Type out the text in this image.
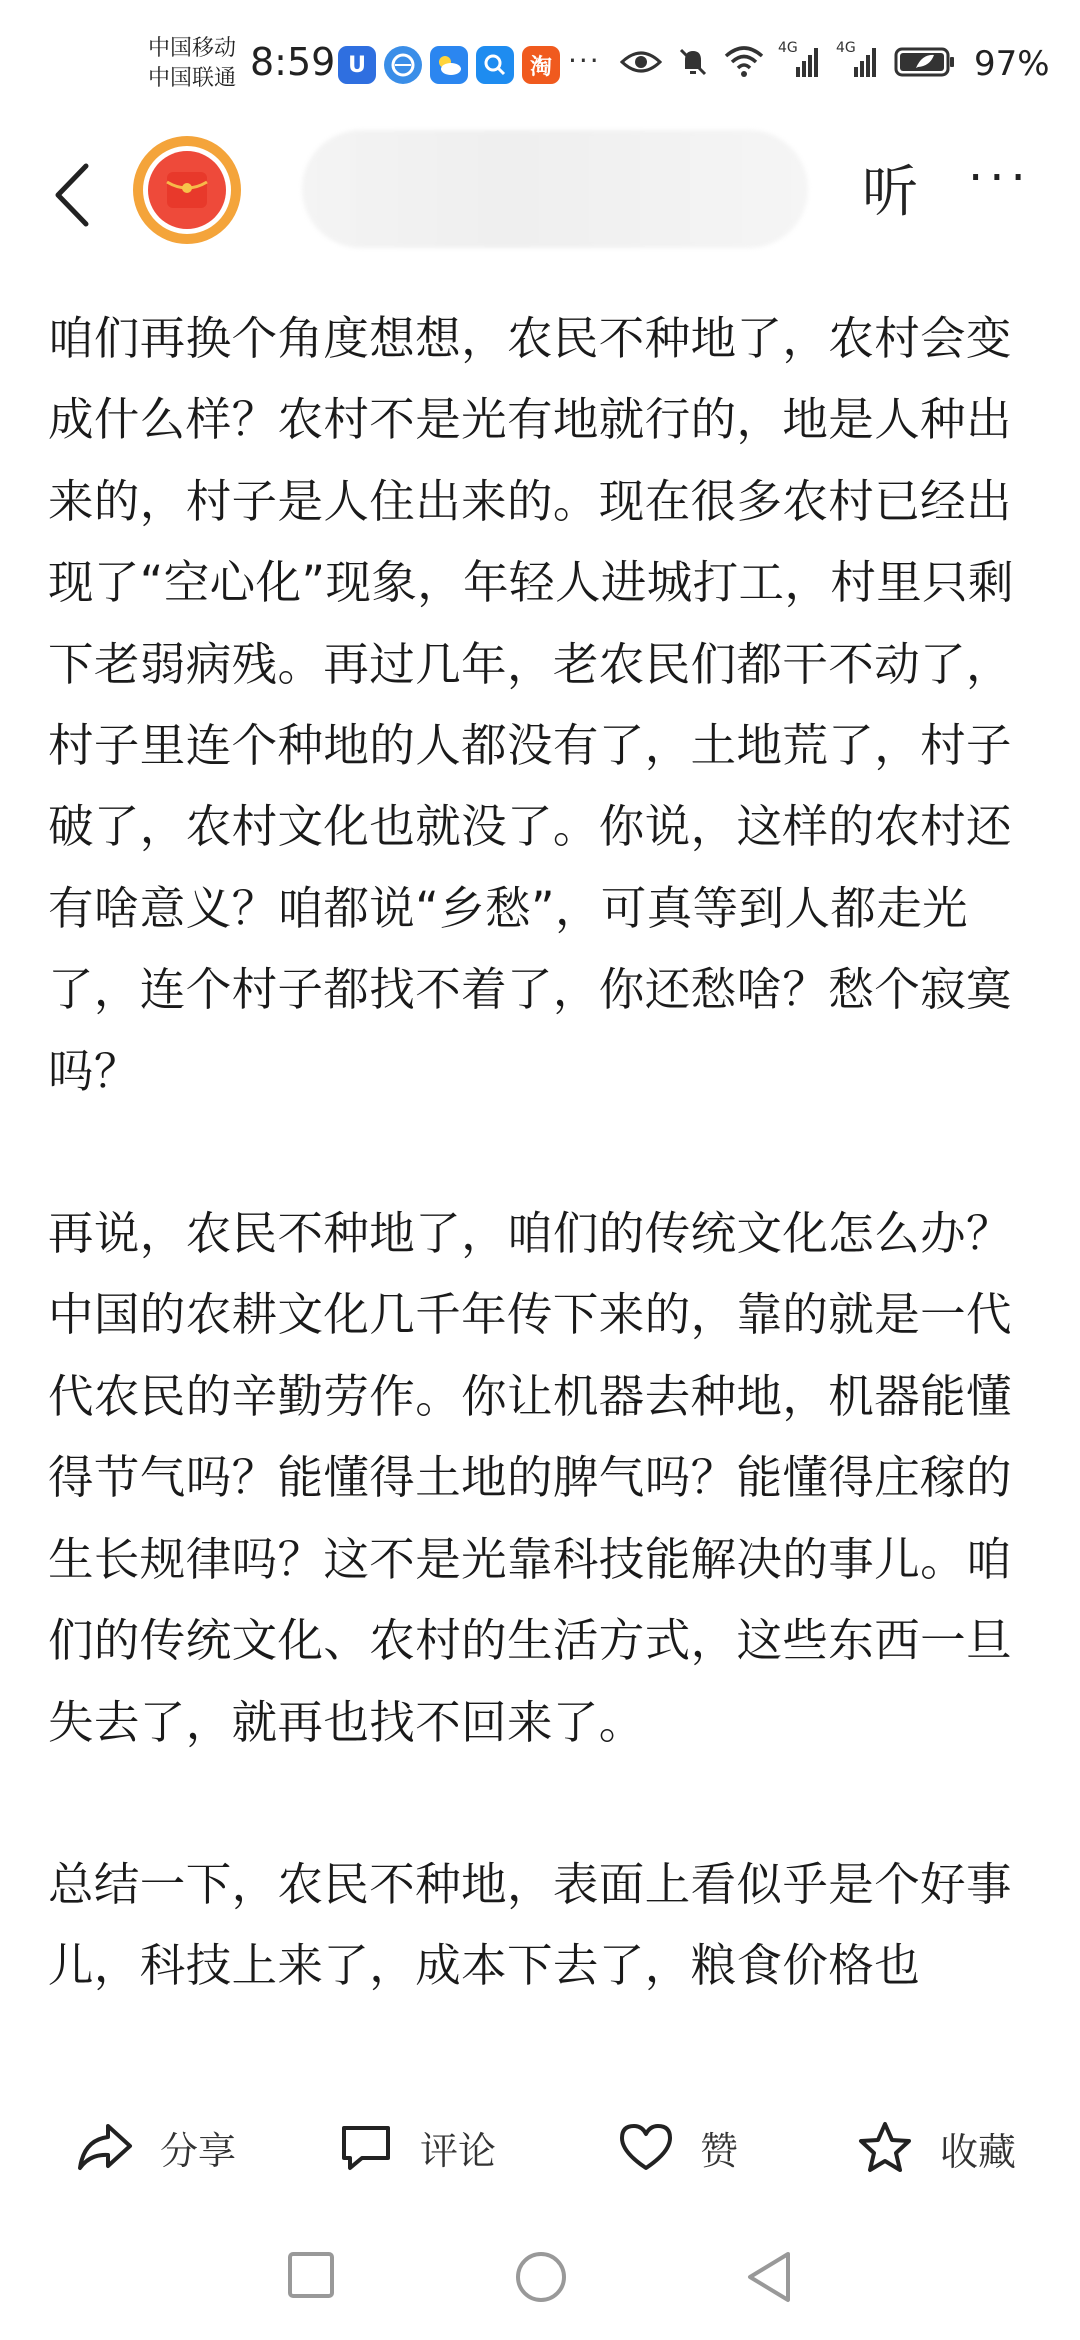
中国移动
中国联通 8:59 U	淘 ···	4G	4G	97%
听 ···

咱们再换个角度想想，农民不种地了，农村会变成什么样？农村不是光有地就行的，地是人种出来的，村子是人住出来的。现在很多农村已经出现了“空心化”现象，年轻人进城打工，村里只剩下老弱病残。再过几年，老农民们都干不动了，村子里连个种地的人都没有了，土地荒了，村子破了，农村文化也就没了。你说，这样的农村还有啥意义？咱都说“乡愁”，可真等到人都走光了，连个村子都找不着了，你还愁啥？愁个寂寞吗？

再说，农民不种地了，咱们的传统文化怎么办？中国的农耕文化几千年传下来的，靠的就是一代代农民的辛勤劳作。你让机器去种地，机器能懂得节气吗？能懂得土地的脾气吗？能懂得庄稼的生长规律吗？这不是光靠科技能解决的事儿。咱们的传统文化、农村的生活方式，这些东西一旦失去了，就再也找不回来了。

总结一下，农民不种地，表面上看似乎是个好事儿，科技上来了，成本下去了，粮食价格也

分享	评论	赞	收藏
